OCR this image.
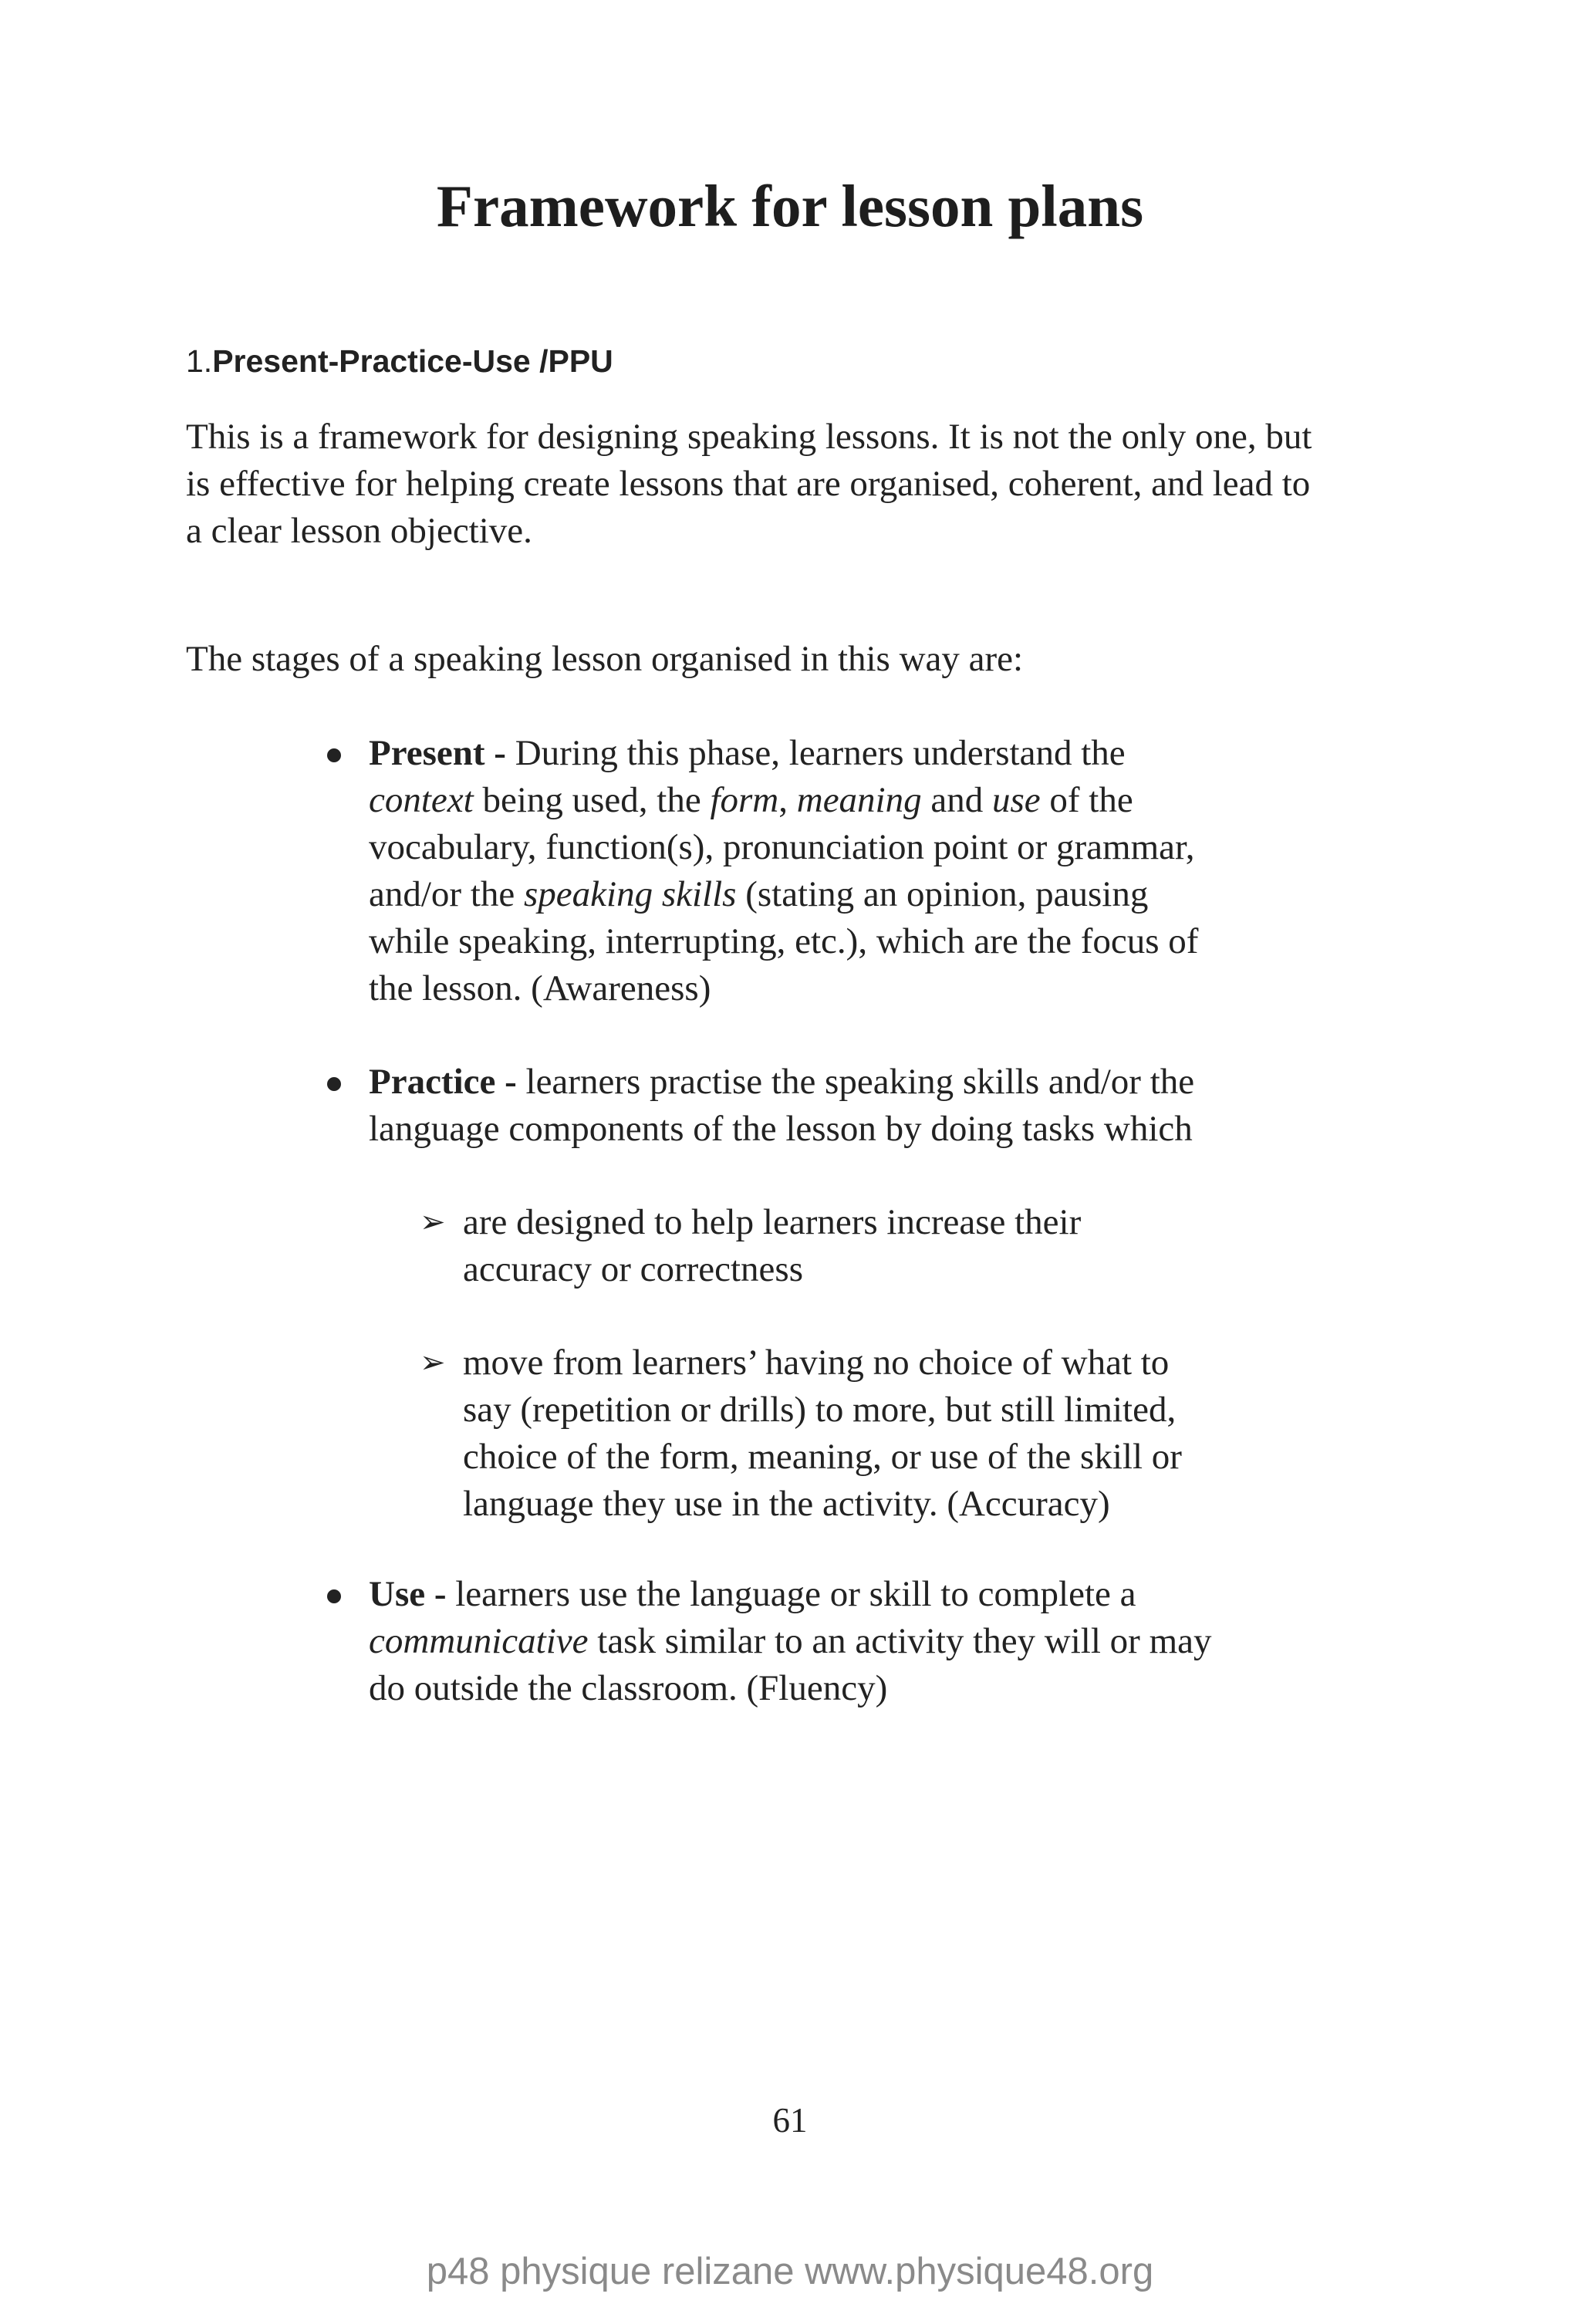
Framework for lesson plans
1.Present-Practice-Use /PPU
This is a framework for designing speaking lessons. It is not the only one, but
is effective for helping create lessons that are organised, coherent, and lead to
a clear lesson objective.
The stages of a speaking lesson organised in this way are:
Present - During this phase, learners understand the
context being used, the form, meaning and use of the
vocabulary, function(s), pronunciation point or grammar,
and/or the speaking skills (stating an opinion, pausing
while speaking, interrupting, etc.), which are the focus of
the lesson. (Awareness)
Practice - learners practise the speaking skills and/or the
language components of the lesson by doing tasks which
➢ are designed to help learners increase their
accuracy or correctness
➢ move from learners’ having no choice of what to
say (repetition or drills) to more, but still limited,
choice of the form, meaning, or use of the skill or
language they use in the activity. (Accuracy)
Use - learners use the language or skill to complete a
communicative task similar to an activity they will or may
do outside the classroom. (Fluency)
61
p48 physique relizane www.physique48.org
